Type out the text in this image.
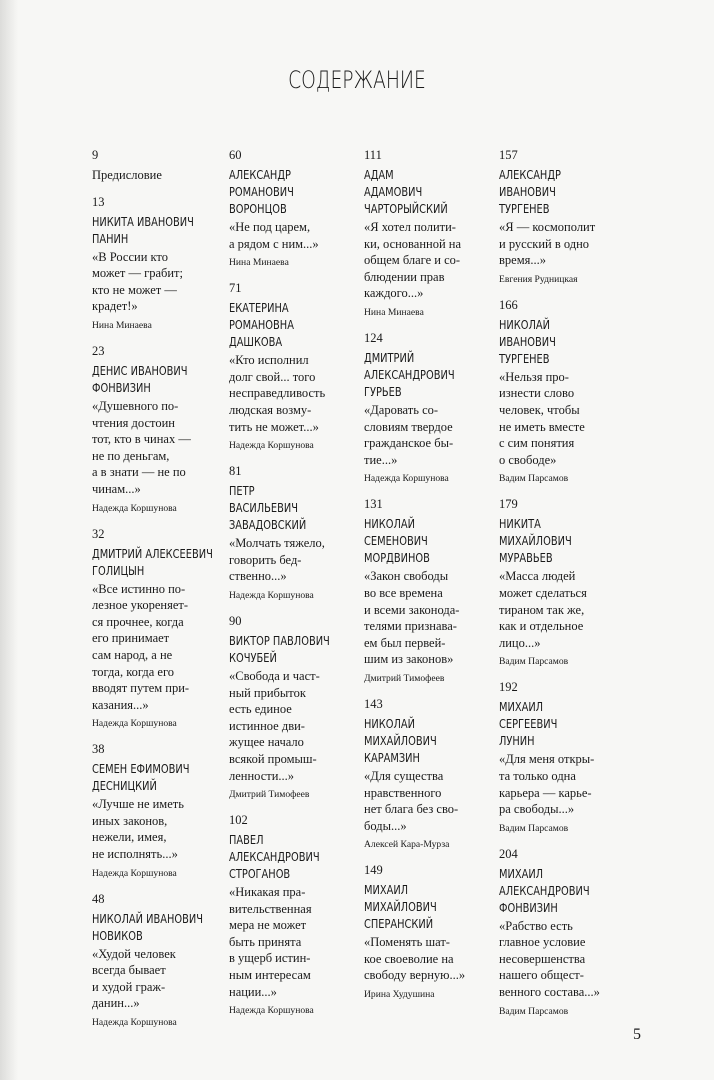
СОДЕРЖАНИЕ
9
Предисловие
13
НИКИТА ИВАНОВИЧ
ПАНИН
«В России кто
может — грабит;
кто не может —
крадет!»
Нина Минаева
23
ДЕНИС ИВАНОВИЧ
ФОНВИЗИН
«Душевного по-
чтения достоин
тот, кто в чинах —
не по деньгам,
а в знати — не по
чинам...»
Надежда Коршунова
32
ДМИТРИЙ АЛЕКСЕЕВИЧ
ГОЛИЦЫН
«Все истинно по-
лезное укореняет-
ся прочнее, когда
его принимает
сам народ, а не
тогда, когда его
вводят путем при-
казания...»
Надежда Коршунова
38
СЕМЕН ЕФИМОВИЧ
ДЕСНИЦКИЙ
«Лучше не иметь
иных законов,
нежели, имея,
не исполнять...»
Надежда Коршунова
48
НИКОЛАЙ ИВАНОВИЧ
НОВИКОВ
«Худой человек
всегда бывает
и худой граж-
данин...»
Надежда Коршунова
60
АЛЕКСАНДР
РОМАНОВИЧ
ВОРОНЦОВ
«Не под царем,
а рядом с ним...»
Нина Минаева
71
ЕКАТЕРИНА
РОМАНОВНА
ДАШКОВА
«Кто исполнил
долг свой... того
несправедливость
людская возму-
тить не может...»
Надежда Коршунова
81
ПЕТР
ВАСИЛЬЕВИЧ
ЗАВАДОВСКИЙ
«Молчать тяжело,
говорить бед-
ственно...»
Надежда Коршунова
90
ВИКТОР ПАВЛОВИЧ
КОЧУБЕЙ
«Свобода и част-
ный прибыток
есть единое
истинное дви-
жущее начало
всякой промыш-
ленности...»
Дмитрий Тимофеев
102
ПАВЕЛ
АЛЕКСАНДРОВИЧ
СТРОГАНОВ
«Никакая пра-
вительственная
мера не может
быть принята
в ущерб истин-
ным интересам
нации...»
Надежда Коршунова
111
АДАМ
АДАМОВИЧ
ЧАРТОРЫЙСКИЙ
«Я хотел полити-
ки, основанной на
общем благе и со-
блюдении прав
каждого...»
Нина Минаева
124
ДМИТРИЙ
АЛЕКСАНДРОВИЧ
ГУРЬЕВ
«Даровать со-
словиям твердое
гражданское бы-
тие...»
Надежда Коршунова
131
НИКОЛАЙ
СЕМЕНОВИЧ
МОРДВИНОВ
«Закон свободы
во все времена
и всеми законода-
телями признава-
ем был первей-
шим из законов»
Дмитрий Тимофеев
143
НИКОЛАЙ
МИХАЙЛОВИЧ
КАРАМЗИН
«Для существа
нравственного
нет блага без сво-
боды...»
Алексей Кара-Мурза
149
МИХАИЛ
МИХАЙЛОВИЧ
СПЕРАНСКИЙ
«Поменять шат-
кое своеволие на
свободу верную...»
Ирина Худушина
157
АЛЕКСАНДР
ИВАНОВИЧ
ТУРГЕНЕВ
«Я — космополит
и русский в одно
время...»
Евгения Рудницкая
166
НИКОЛАЙ
ИВАНОВИЧ
ТУРГЕНЕВ
«Нельзя про-
изнести слово
человек, чтобы
не иметь вместе
с сим понятия
о свободе»
Вадим Парсамов
179
НИКИТА
МИХАЙЛОВИЧ
МУРАВЬЕВ
«Масса людей
может сделаться
тираном так же,
как и отдельное
лицо...»
Вадим Парсамов
192
МИХАИЛ
СЕРГЕЕВИЧ
ЛУНИН
«Для меня откры-
та только одна
карьера — карье-
ра свободы...»
Вадим Парсамов
204
МИХАИЛ
АЛЕКСАНДРОВИЧ
ФОНВИЗИН
«Рабство есть
главное условие
несовершенства
нашего общест-
венного состава...»
Вадим Парсамов
5
